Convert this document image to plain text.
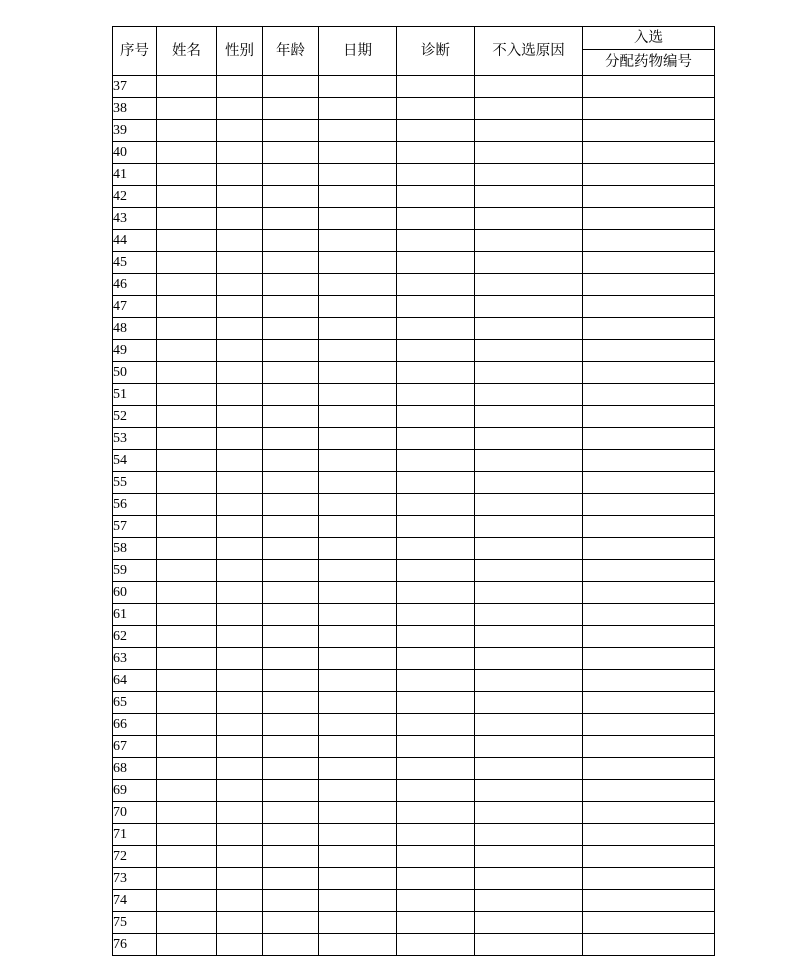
序号	姓名	性别	年龄	日期	诊断	不入选原因	入选
分配药物编号

37							
38							
39							
40							
41							
42							
43							
44							
45							
46							
47							
48							
49							
50							
51							
52							
53							
54							
55							
56							
57							
58							
59							
60							
61							
62							
63							
64							
65							
66							
67							
68							
69							
70							
71							
72							
73							
74							
75							
76							
